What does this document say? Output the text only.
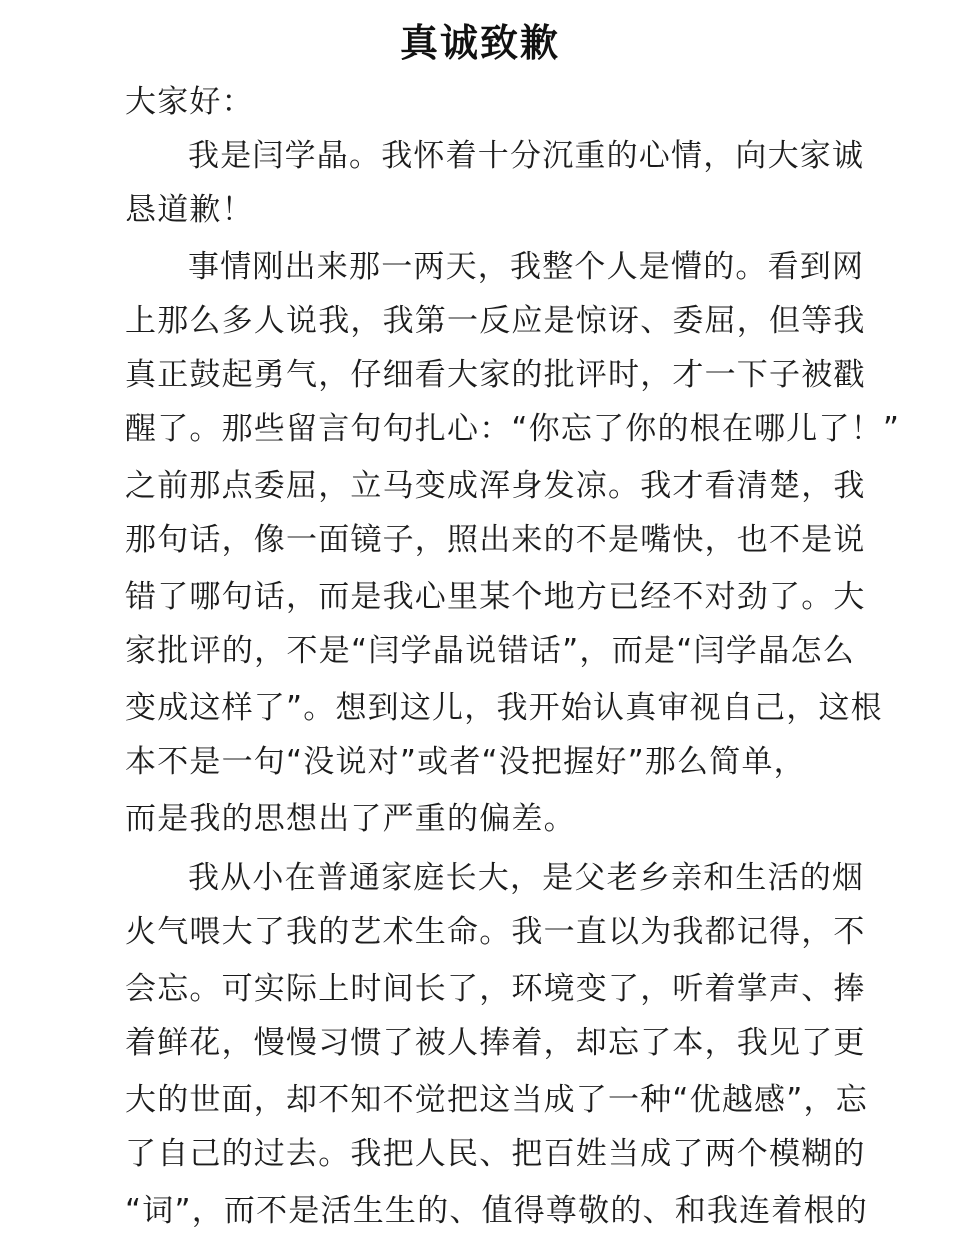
真诚致歉
大家好：
我是闫学晶。我怀着十分沉重的心情，向大家诚
恳道歉！
事情刚出来那一两天，我整个人是懵的。看到网
上那么多人说我，我第一反应是惊讶、委屈，但等我
真正鼓起勇气，仔细看大家的批评时，才一下子被戳
醒了。那些留言句句扎心：“你忘了你的根在哪儿了！”
之前那点委屈，立马变成浑身发凉。我才看清楚，我
那句话，像一面镜子，照出来的不是嘴快，也不是说
错了哪句话，而是我心里某个地方已经不对劲了。大
家批评的，不是“闫学晶说错话”，而是“闫学晶怎么
变成这样了”。想到这儿，我开始认真审视自己，这根
本不是一句“没说对”或者“没把握好”那么简单，
而是我的思想出了严重的偏差。
我从小在普通家庭长大，是父老乡亲和生活的烟
火气喂大了我的艺术生命。我一直以为我都记得，不
会忘。可实际上时间长了，环境变了，听着掌声、捧
着鲜花，慢慢习惯了被人捧着，却忘了本，我见了更
大的世面，却不知不觉把这当成了一种“优越感”，忘
了自己的过去。我把人民、把百姓当成了两个模糊的
“词”，而不是活生生的、值得尊敬的、和我连着根的
